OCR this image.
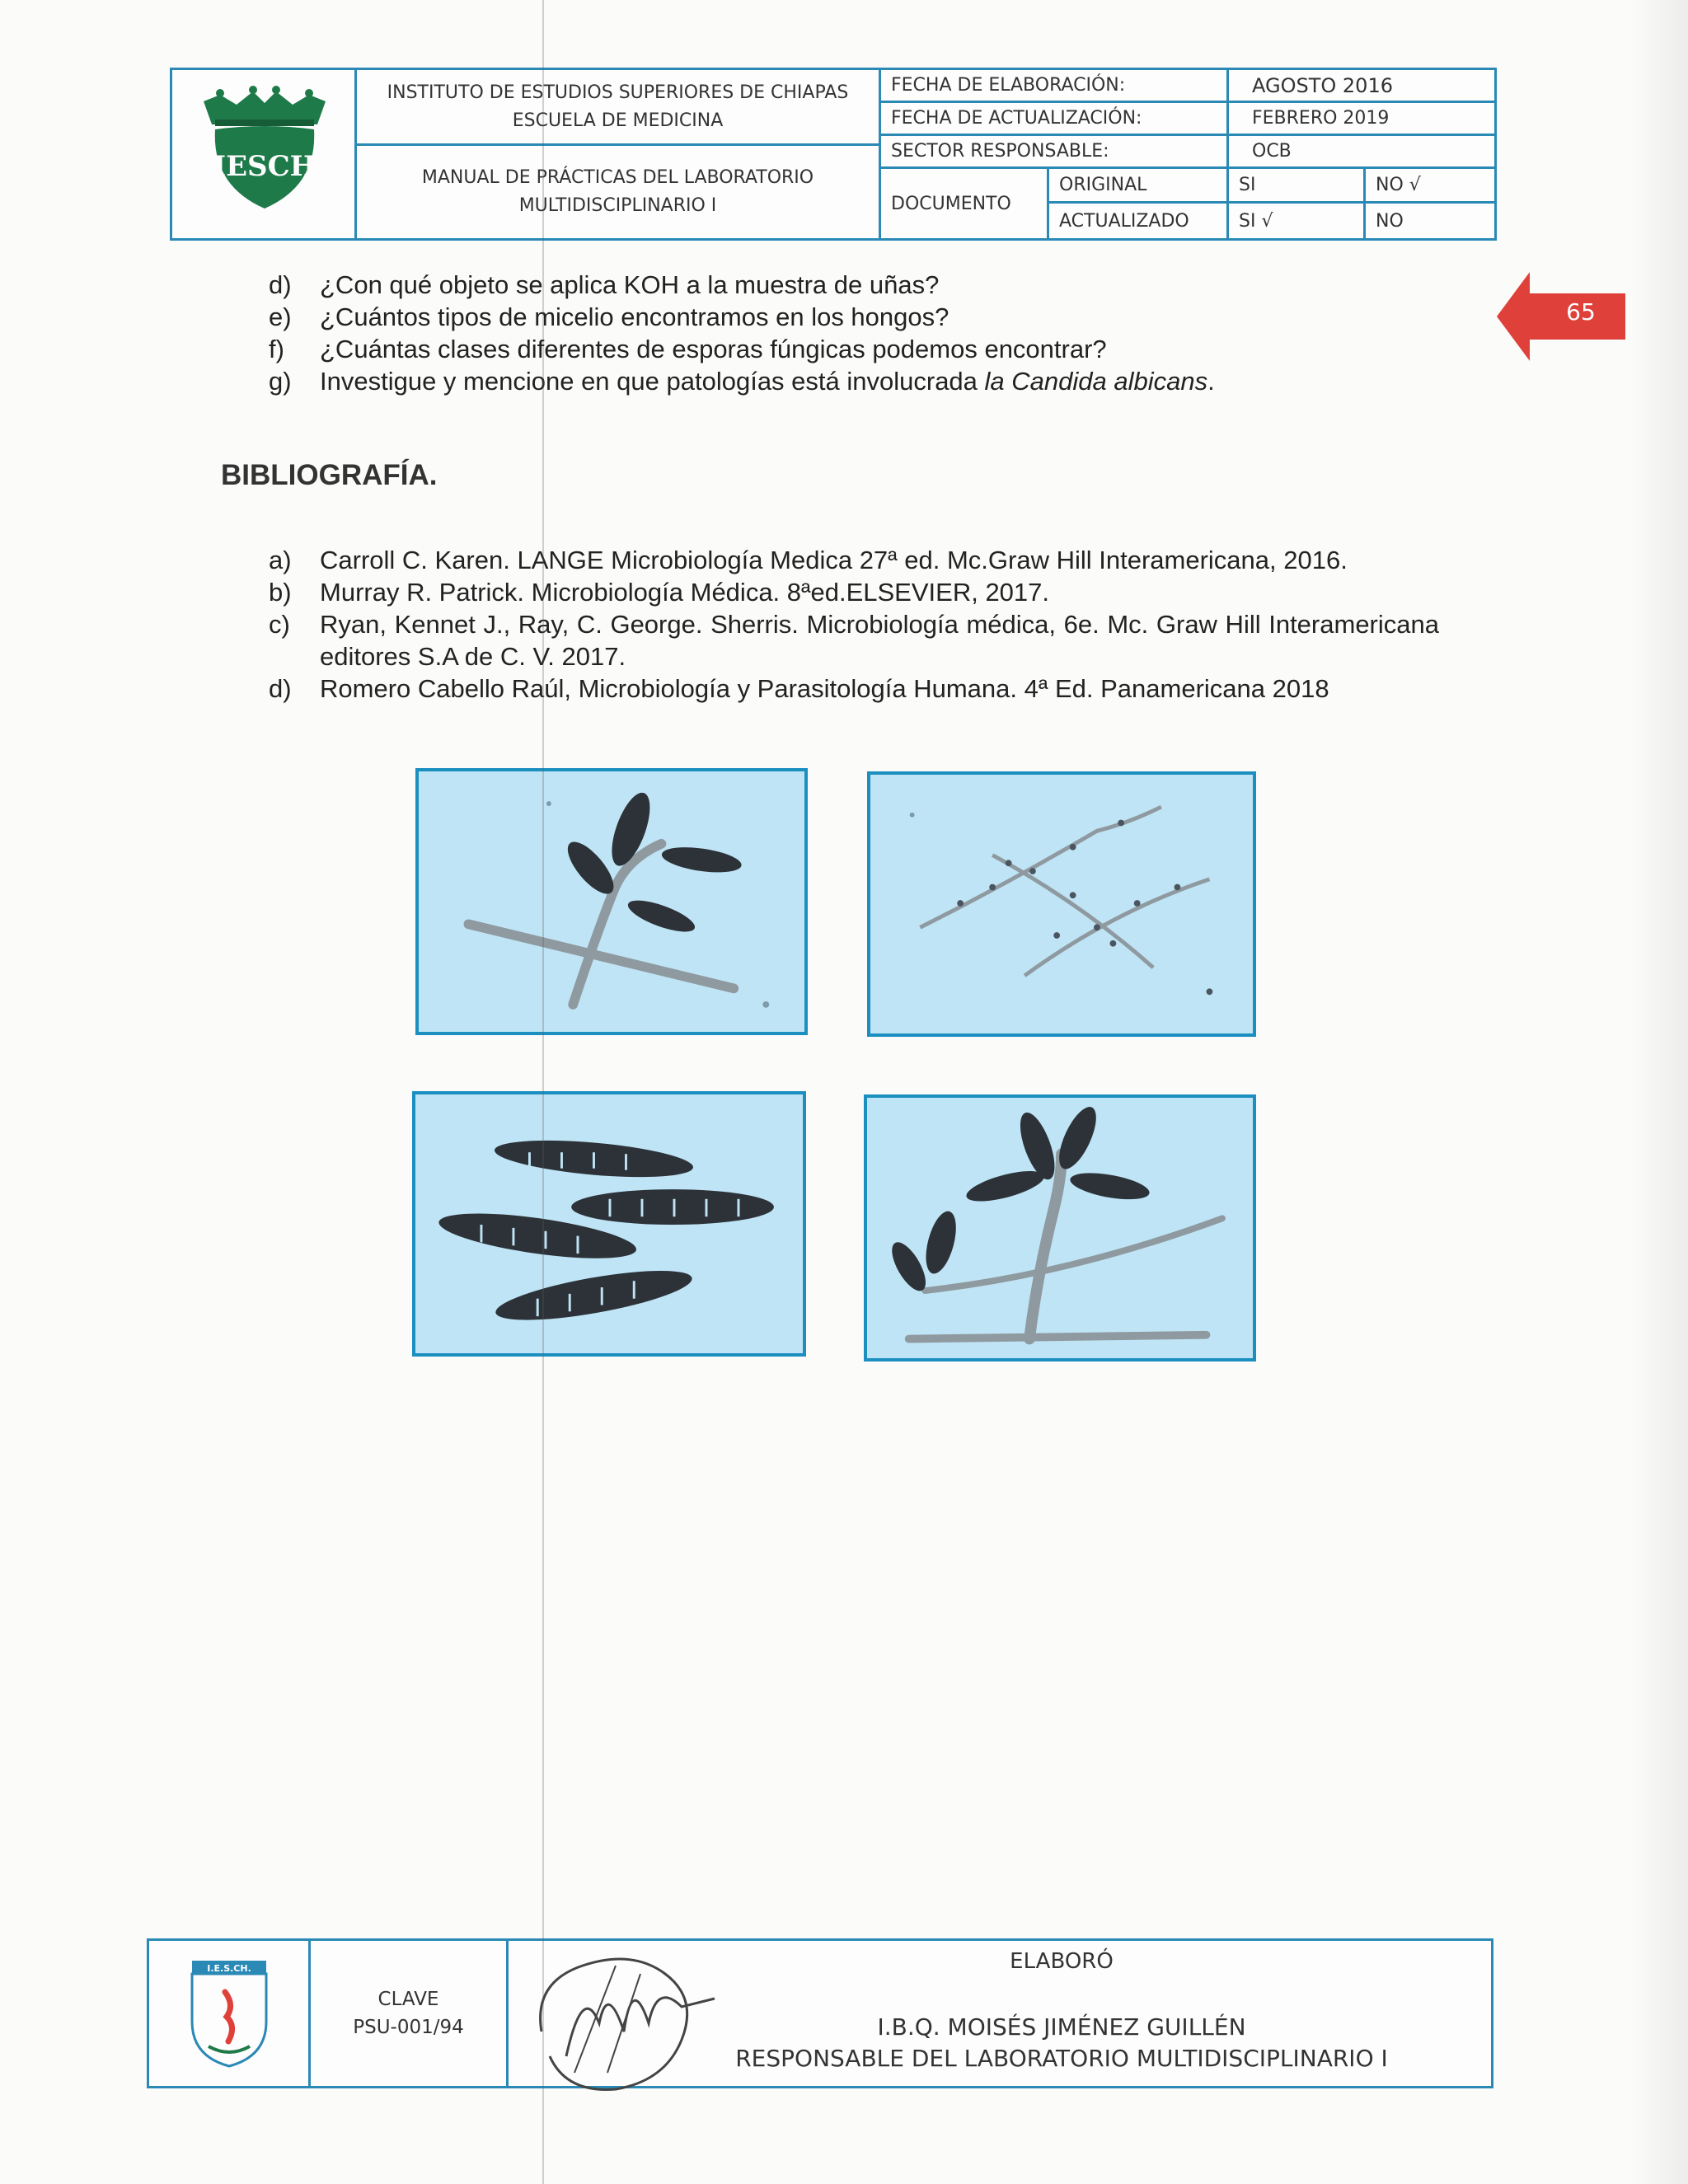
IESCH
INSTITUTO DE ESTUDIOS SUPERIORES DE CHIAPAS
ESCUELA DE MEDICINA
MANUAL DE PRÁCTICAS DEL LABORATORIO
MULTIDISCIPLINARIO I
FECHA DE ELABORACIÓN:	AGOSTO 2016
FECHA DE ACTUALIZACIÓN:	FEBRERO 2019
SECTOR RESPONSABLE:	OCB
DOCUMENTO
ORIGINAL	SI	NO √
ACTUALIZADO	SI √	NO
65
d)	¿Con qué objeto se aplica KOH a la muestra de uñas?
e)	¿Cuántos tipos de micelio encontramos en los hongos?
f)	¿Cuántas clases diferentes de esporas fúngicas podemos encontrar?
g)	Investigue y mencione en que patologías está involucrada la Candida albicans.
BIBLIOGRAFÍA.
a)	Carroll C. Karen. LANGE Microbiología Medica 27ª ed. Mc.Graw Hill Interamericana, 2016.
b)	Murray R. Patrick. Microbiología Médica. 8ªed.ELSEVIER, 2017.
c)	Ryan, Kennet J., Ray, C. George. Sherris. Microbiología médica, 6e. Mc. Graw Hill Interamericana editores S.A de C. V. 2017.
d)	Romero Cabello Raúl, Microbiología y Parasitología Humana. 4ª Ed. Panamericana 2018
I.E.S.CH.
CLAVE
PSU-001/94
ELABORÓ
I.B.Q. MOISÉS JIMÉNEZ GUILLÉN
RESPONSABLE DEL LABORATORIO MULTIDISCIPLINARIO I
